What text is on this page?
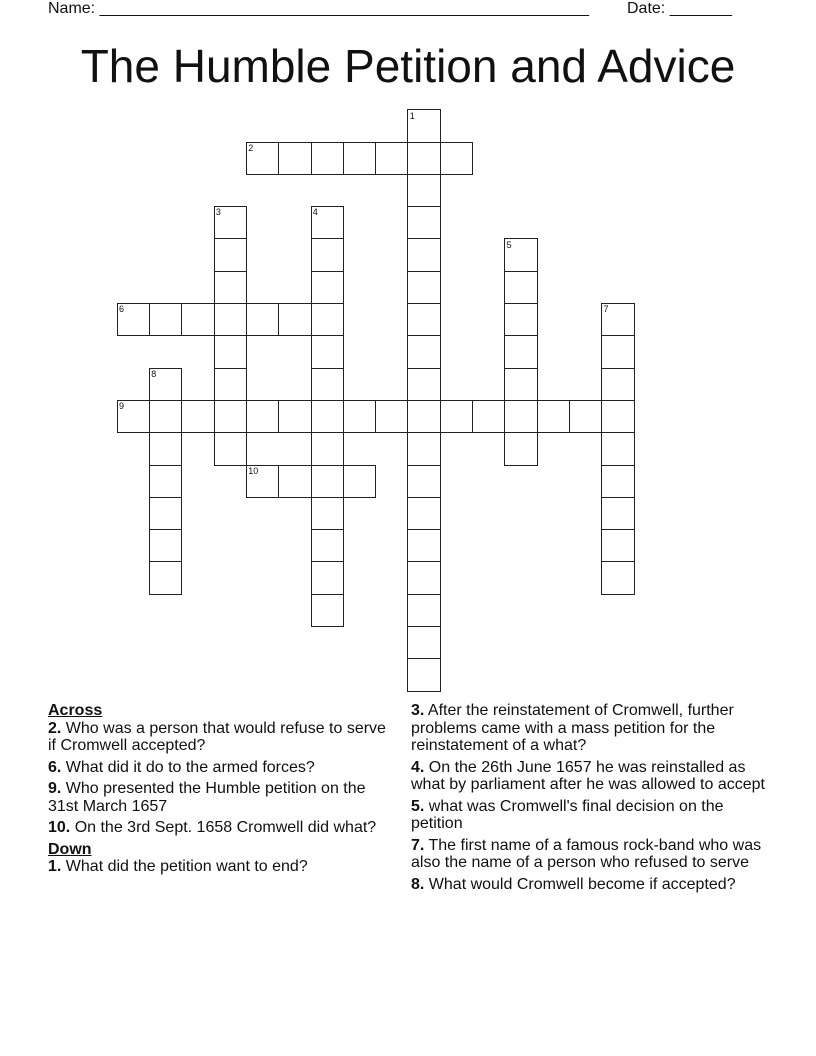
Name: _______________________________________________________ Date: _______
The Humble Petition and Advice
1
2
3	4
5
6	7
8
9
10

Across

2. Who was a person that would refuse to serve if Cromwell accepted?

6. What did it do to the armed forces?

9. Who presented the Humble petition on the 31st March 1657

10. On the 3rd Sept. 1658 Cromwell did what?

Down

1. What did the petition want to end?

3. After the reinstatement of Cromwell, further problems came with a mass petition for the reinstatement of a what?

4. On the 26th June 1657 he was reinstalled as what by parliament after he was allowed to accept

5. what was Cromwell's final decision on the petition

7. The first name of a famous rock-band who was also the name of a person who refused to serve

8. What would Cromwell become if accepted?
